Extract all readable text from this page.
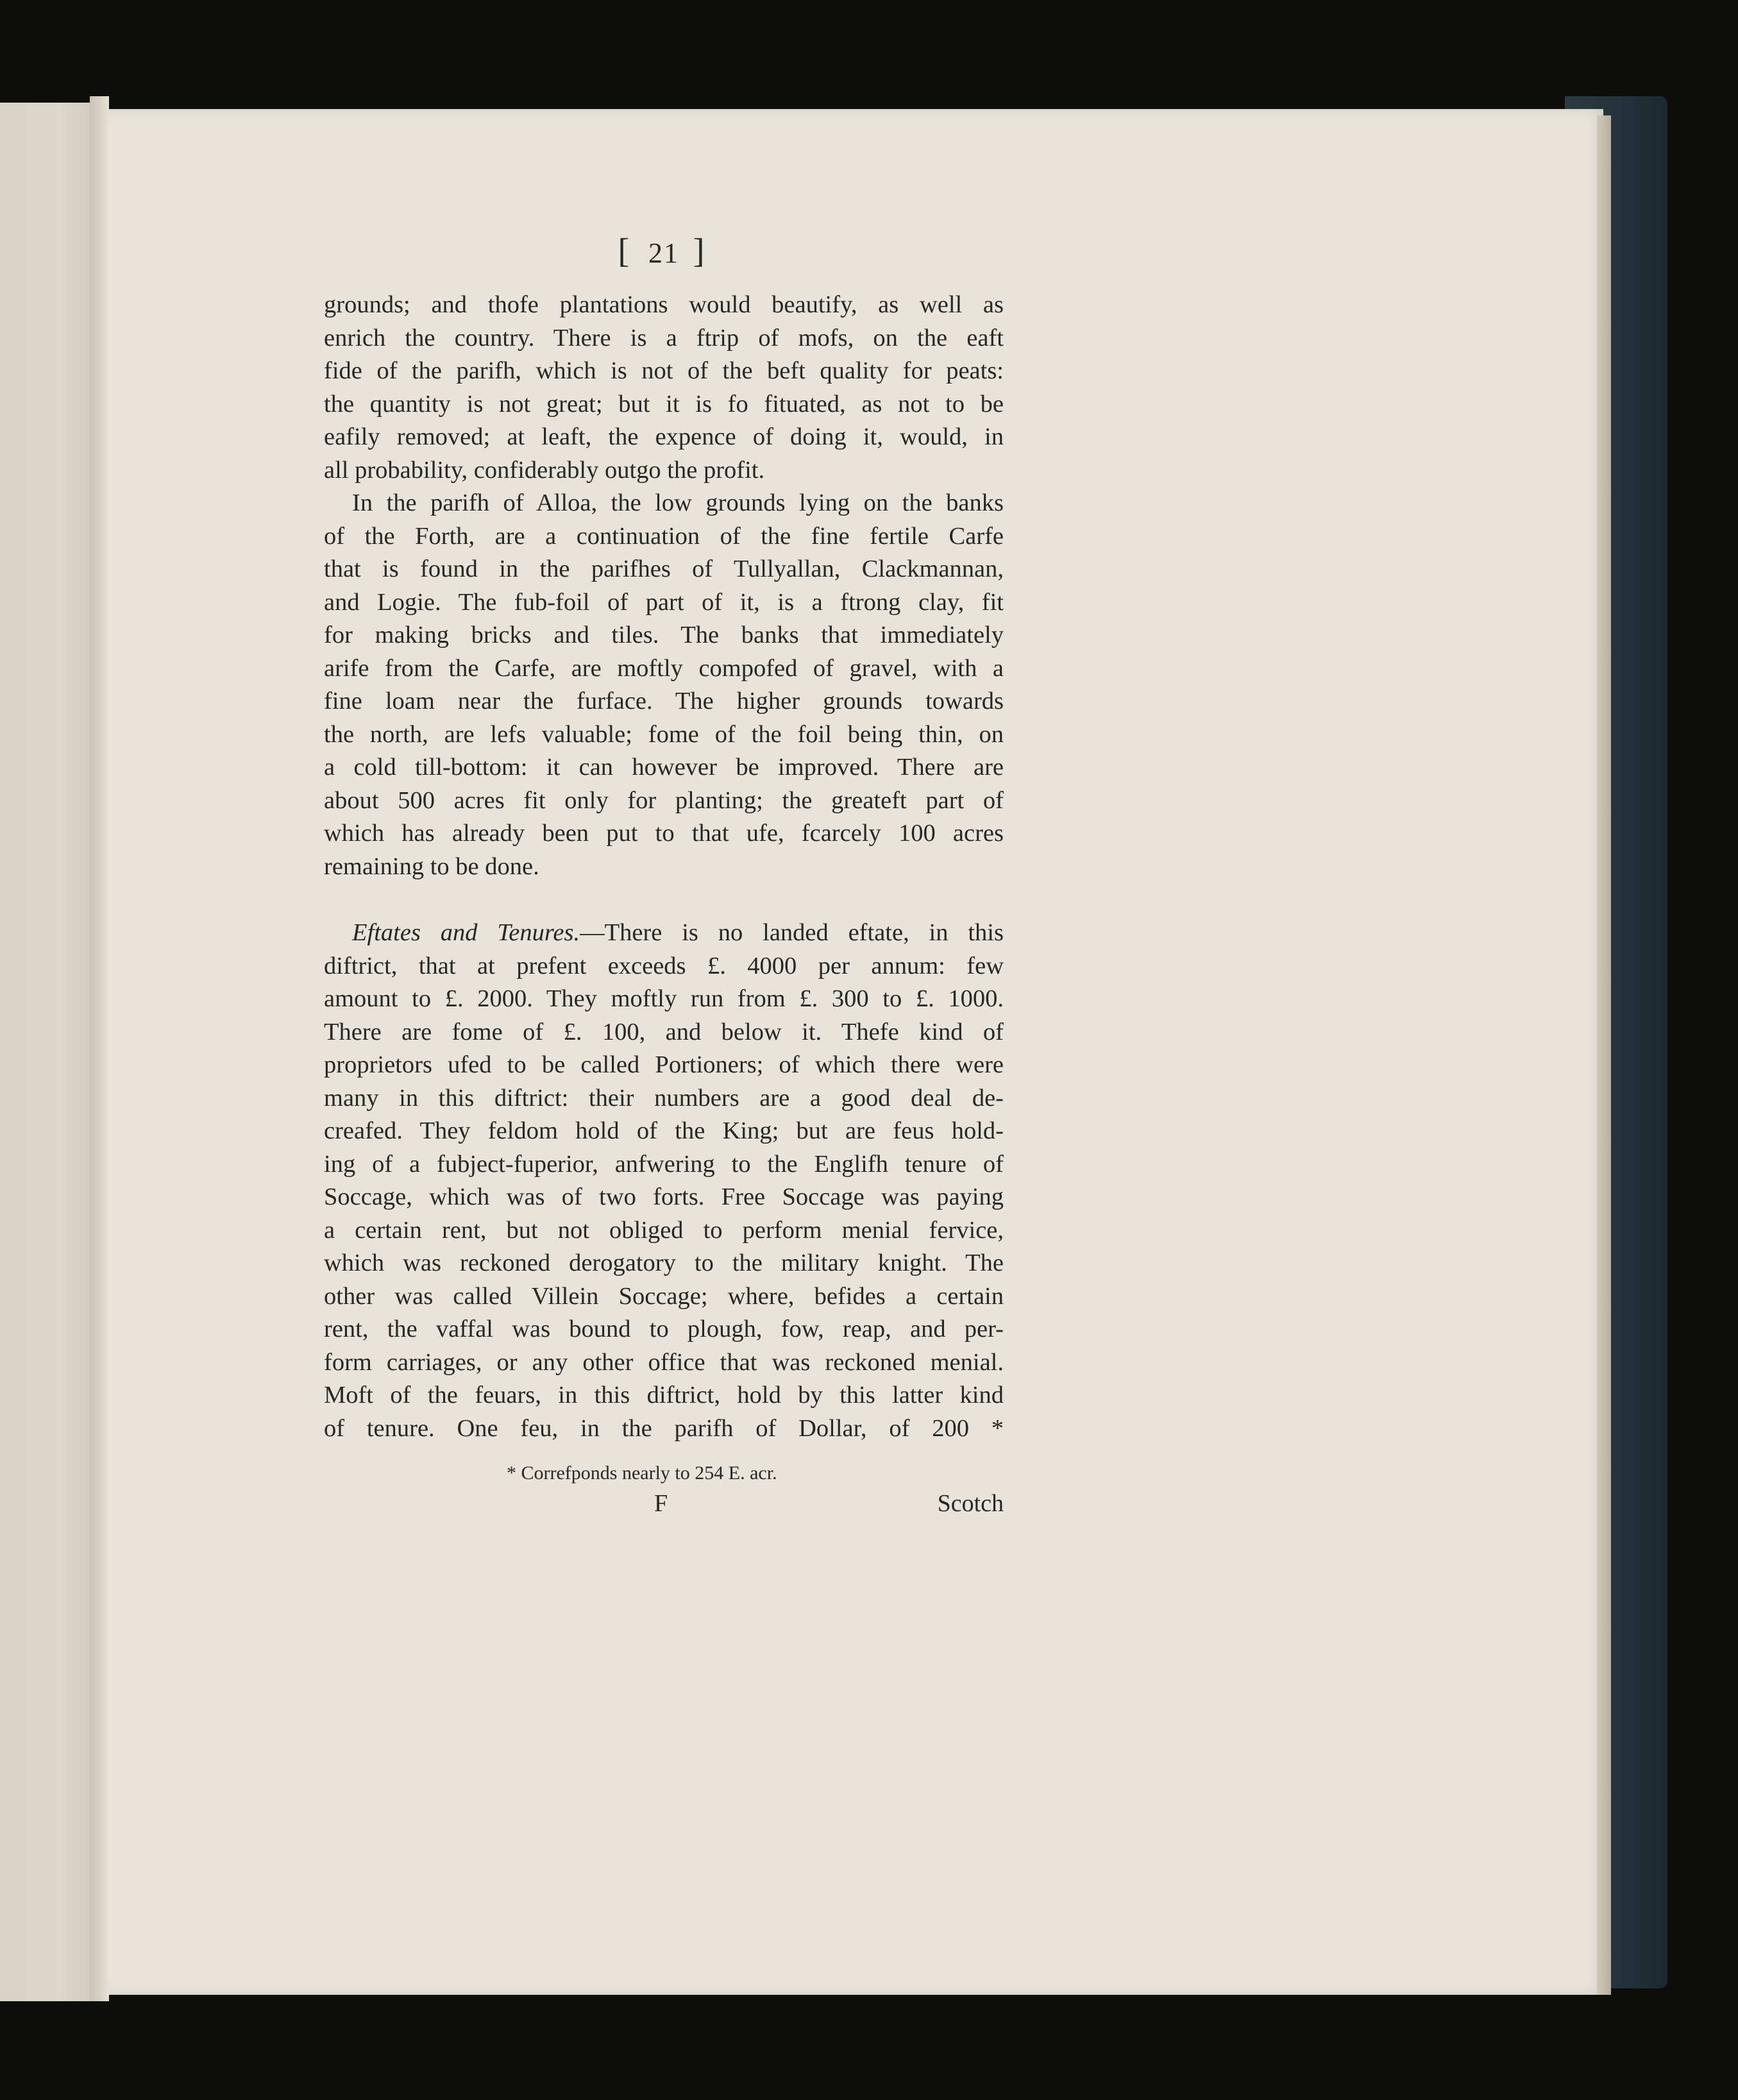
[ 21 ]

grounds; and thofe plantations would beautify, as well as

enrich the country. There is a ftrip of mofs, on the eaft

fide of the parifh, which is not of the beft quality for peats:

the quantity is not great; but it is fo fituated, as not to be

eafily removed; at leaft, the expence of doing it, would, in

all probability, confiderably outgo the profit.

In the parifh of Alloa, the low grounds lying on the banks

of the Forth, are a continuation of the fine fertile Carfe

that is found in the parifhes of Tullyallan, Clackmannan,

and Logie. The fub-foil of part of it, is a ftrong clay, fit

for making bricks and tiles. The banks that immediately

arife from the Carfe, are moftly compofed of gravel, with a

fine loam near the furface. The higher grounds towards

the north, are lefs valuable; fome of the foil being thin, on

a cold till-bottom: it can however be improved. There are

about 500 acres fit only for planting; the greateft part of

which has already been put to that ufe, fcarcely 100 acres

remaining to be done.

Eftates and Tenures.—There is no landed eftate, in this

diftrict, that at prefent exceeds £. 4000 per annum: few

amount to £. 2000. They moftly run from £. 300 to £. 1000.

There are fome of £. 100, and below it. Thefe kind of

proprietors ufed to be called Portioners; of which there were

many in this diftrict: their numbers are a good deal de-

creafed. They feldom hold of the King; but are feus hold-

ing of a fubject-fuperior, anfwering to the Englifh tenure of

Soccage, which was of two forts. Free Soccage was paying

a certain rent, but not obliged to perform menial fervice,

which was reckoned derogatory to the military knight. The

other was called Villein Soccage; where, befides a certain

rent, the vaffal was bound to plough, fow, reap, and per-

form carriages, or any other office that was reckoned menial.

Moft of the feuars, in this diftrict, hold by this latter kind

of tenure. One feu, in the parifh of Dollar, of 200 *

* Correfponds nearly to 254 E. acr.
F	Scotch
